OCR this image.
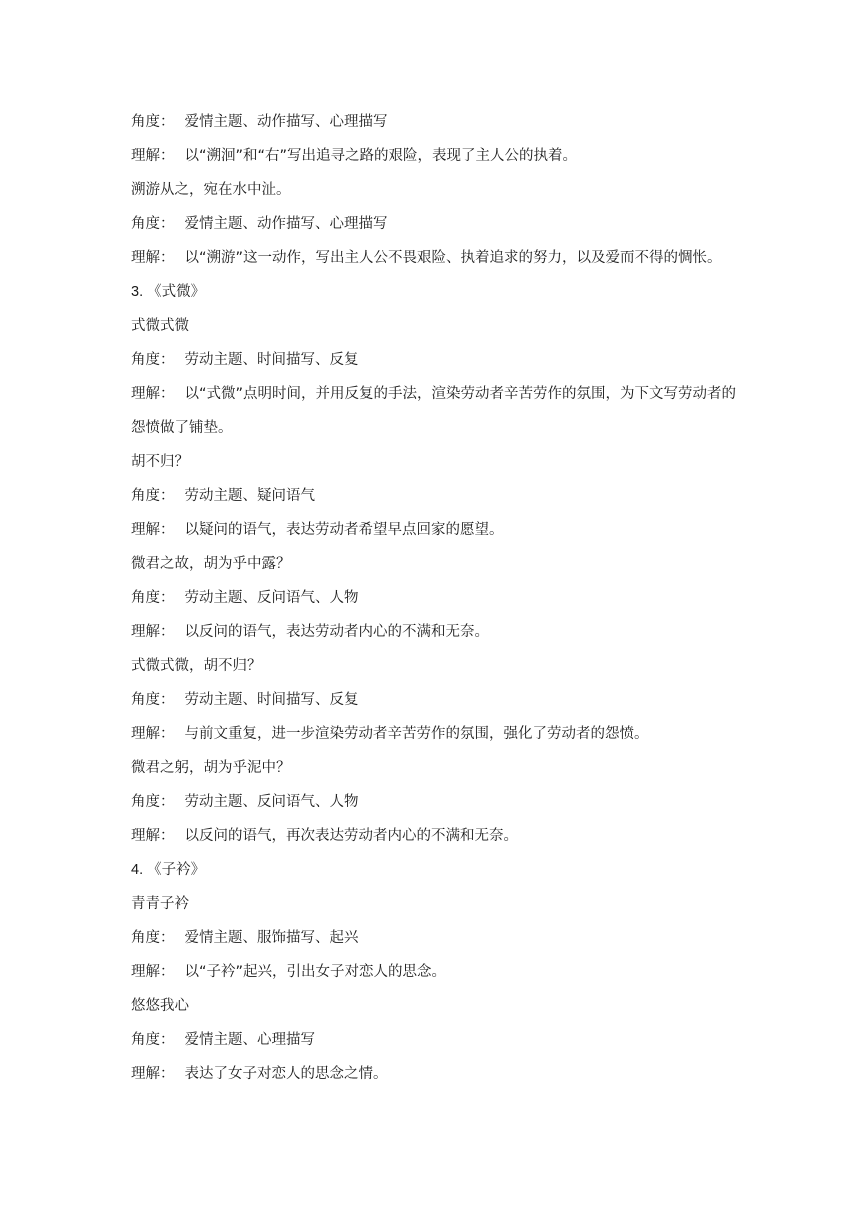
角度： 爱情主题、动作描写、心理描写
理解： 以“溯洄”和“右”写出追寻之路的艰险，表现了主人公的执着。
溯游从之，宛在水中沚。
角度： 爱情主题、动作描写、心理描写
理解： 以“溯游”这一动作，写出主人公不畏艰险、执着追求的努力，以及爱而不得的惆怅。
3. 《式微》
式微式微
角度： 劳动主题、时间描写、反复
理解： 以“式微”点明时间，并用反复的手法，渲染劳动者辛苦劳作的氛围，为下文写劳动者的怨愤做了铺垫。
胡不归？
角度： 劳动主题、疑问语气
理解： 以疑问的语气，表达劳动者希望早点回家的愿望。
微君之故，胡为乎中露？
角度： 劳动主题、反问语气、人物
理解： 以反问的语气，表达劳动者内心的不满和无奈。
式微式微，胡不归？
角度： 劳动主题、时间描写、反复
理解： 与前文重复，进一步渲染劳动者辛苦劳作的氛围，强化了劳动者的怨愤。
微君之躬，胡为乎泥中？
角度： 劳动主题、反问语气、人物
理解： 以反问的语气，再次表达劳动者内心的不满和无奈。
4. 《子衿》
青青子衿
角度： 爱情主题、服饰描写、起兴
理解： 以“子衿”起兴，引出女子对恋人的思念。
悠悠我心
角度： 爱情主题、心理描写
理解： 表达了女子对恋人的思念之情。
